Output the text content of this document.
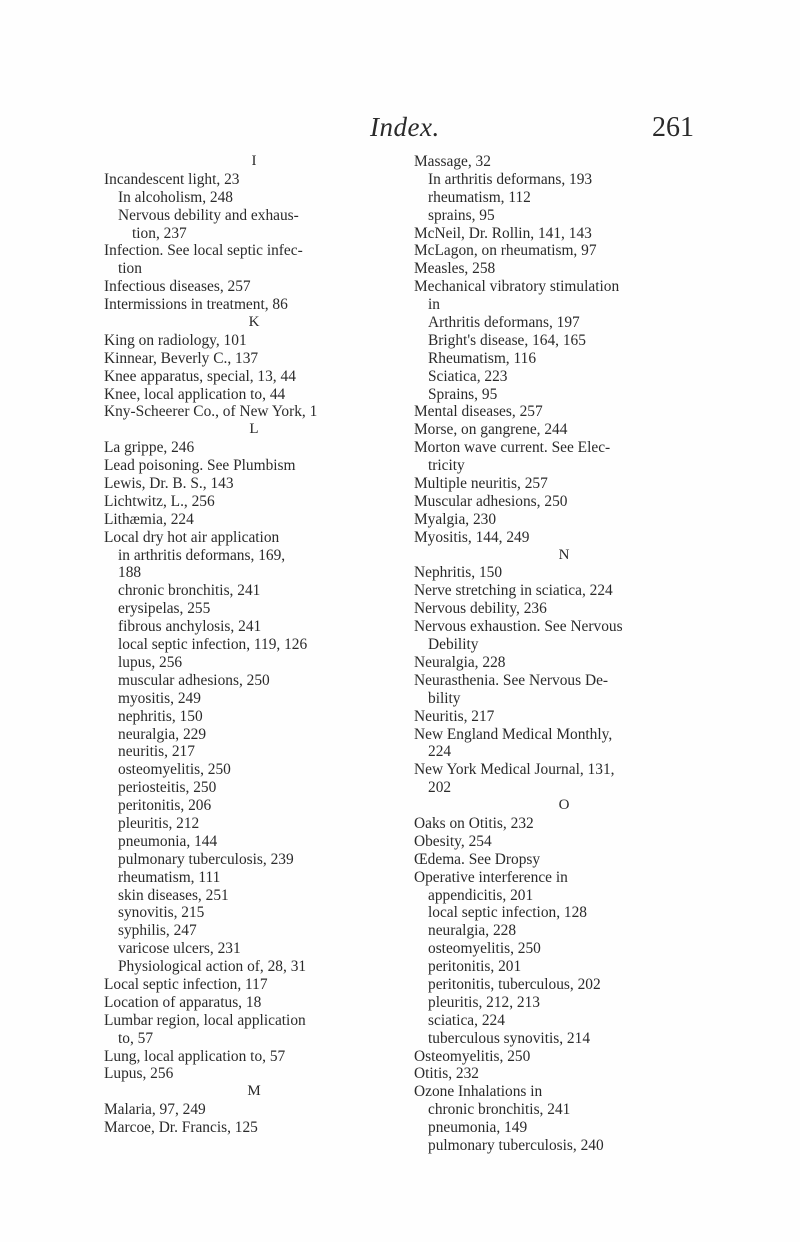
Index.	261
I
Incandescent light, 23
In alcoholism, 248
Nervous debility and exhaus-
tion, 237
Infection. See local septic infec-
tion
Infectious diseases, 257
Intermissions in treatment, 86
K
King on radiology, 101
Kinnear, Beverly C., 137
Knee apparatus, special, 13, 44
Knee, local application to, 44
Kny-Scheerer Co., of New York, 1
L
La grippe, 246
Lead poisoning. See Plumbism
Lewis, Dr. B. S., 143
Lichtwitz, L., 256
Lithæmia, 224
Local dry hot air application
in arthritis deformans, 169,
188
chronic bronchitis, 241
erysipelas, 255
fibrous anchylosis, 241
local septic infection, 119, 126
lupus, 256
muscular adhesions, 250
myositis, 249
nephritis, 150
neuralgia, 229
neuritis, 217
osteomyelitis, 250
periosteitis, 250
peritonitis, 206
pleuritis, 212
pneumonia, 144
pulmonary tuberculosis, 239
rheumatism, 111
skin diseases, 251
synovitis, 215
syphilis, 247
varicose ulcers, 231
Physiological action of, 28, 31
Local septic infection, 117
Location of apparatus, 18
Lumbar region, local application
to, 57
Lung, local application to, 57
Lupus, 256
M
Malaria, 97, 249
Marcoe, Dr. Francis, 125
Massage, 32
In arthritis deformans, 193
rheumatism, 112
sprains, 95
McNeil, Dr. Rollin, 141, 143
McLagon, on rheumatism, 97
Measles, 258
Mechanical vibratory stimulation
in
Arthritis deformans, 197
Bright's disease, 164, 165
Rheumatism, 116
Sciatica, 223
Sprains, 95
Mental diseases, 257
Morse, on gangrene, 244
Morton wave current. See Elec-
tricity
Multiple neuritis, 257
Muscular adhesions, 250
Myalgia, 230
Myositis, 144, 249
N
Nephritis, 150
Nerve stretching in sciatica, 224
Nervous debility, 236
Nervous exhaustion. See Nervous
Debility
Neuralgia, 228
Neurasthenia. See Nervous De-
bility
Neuritis, 217
New England Medical Monthly,
224
New York Medical Journal, 131,
202
O
Oaks on Otitis, 232
Obesity, 254
Œdema. See Dropsy
Operative interference in
appendicitis, 201
local septic infection, 128
neuralgia, 228
osteomyelitis, 250
peritonitis, 201
peritonitis, tuberculous, 202
pleuritis, 212, 213
sciatica, 224
tuberculous synovitis, 214
Osteomyelitis, 250
Otitis, 232
Ozone Inhalations in
chronic bronchitis, 241
pneumonia, 149
pulmonary tuberculosis, 240
